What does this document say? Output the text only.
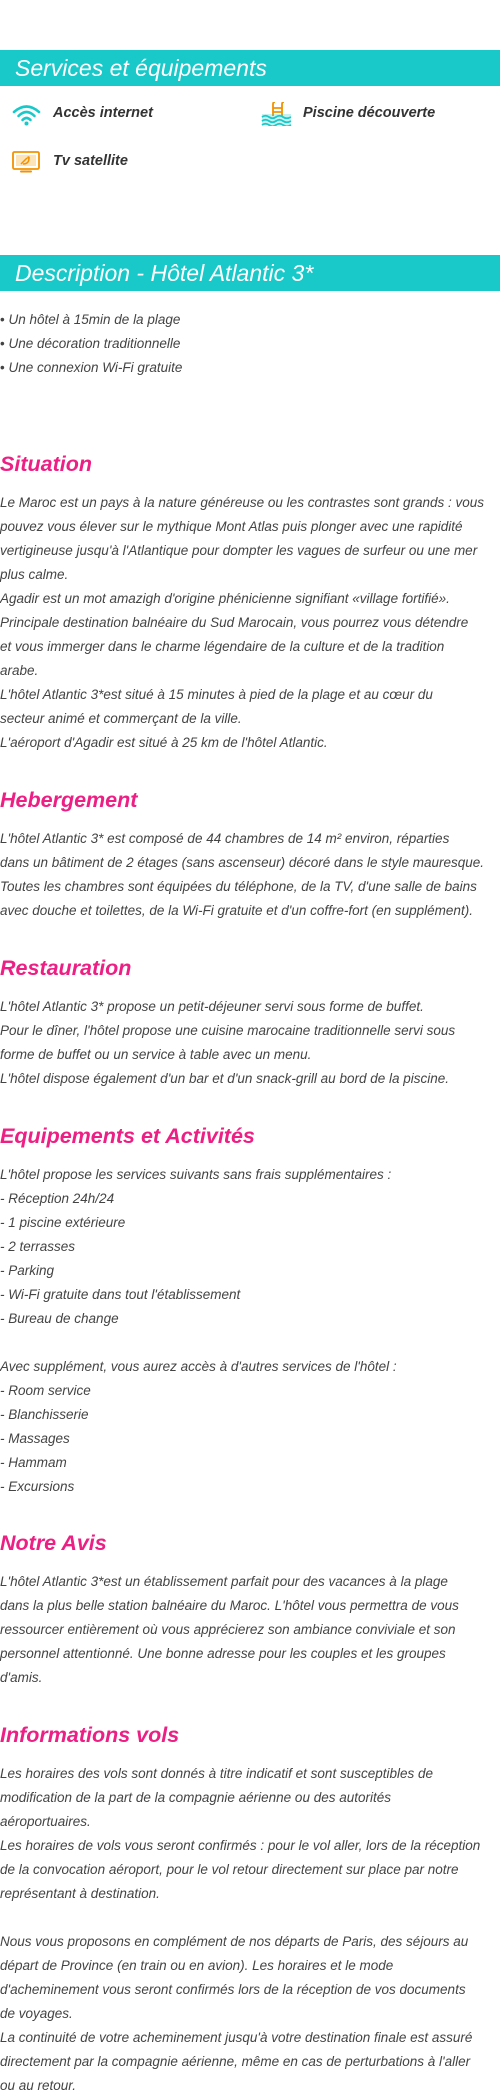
Services et équipements
Accès internet	Piscine découverte
Tv satellite
Description - Hôtel Atlantic 3*
• Un hôtel à 15min de la plage
• Une décoration traditionnelle
• Une connexion Wi-Fi gratuite
Situation

Le Maroc est un pays à la nature généreuse ou les contrastes sont grands : vous
pouvez vous élever sur le mythique Mont Atlas puis plonger avec une rapidité
vertigineuse jusqu'à l'Atlantique pour dompter les vagues de surfeur ou une mer
plus calme.
Agadir est un mot amazigh d'origine phénicienne signifiant «village fortifié».
Principale destination balnéaire du Sud Marocain, vous pourrez vous détendre
et vous immerger dans le charme légendaire de la culture et de la tradition
arabe.
L'hôtel Atlantic 3*est situé à 15 minutes à pied de la plage et au cœur du
secteur animé et commerçant de la ville.
L'aéroport d'Agadir est situé à 25 km de l'hôtel Atlantic.

Hebergement

L'hôtel Atlantic 3* est composé de 44 chambres de 14 m² environ, réparties
dans un bâtiment de 2 étages (sans ascenseur) décoré dans le style mauresque.
Toutes les chambres sont équipées du téléphone, de la TV, d'une salle de bains
avec douche et toilettes, de la Wi-Fi gratuite et d'un coffre-fort (en supplément).

Restauration

L'hôtel Atlantic 3* propose un petit-déjeuner servi sous forme de buffet.
Pour le dîner, l'hôtel propose une cuisine marocaine traditionnelle servi sous
forme de buffet ou un service à table avec un menu.
L'hôtel dispose également d'un bar et d'un snack-grill au bord de la piscine.

Equipements et Activités

L'hôtel propose les services suivants sans frais supplémentaires :
- Réception 24h/24
- 1 piscine extérieure
- 2 terrasses
- Parking
- Wi-Fi gratuite dans tout l'établissement
- Bureau de change

Avec supplément, vous aurez accès à d'autres services de l'hôtel :
- Room service
- Blanchisserie
- Massages
- Hammam
- Excursions

Notre Avis

L'hôtel Atlantic 3*est un établissement parfait pour des vacances à la plage
dans la plus belle station balnéaire du Maroc. L'hôtel vous permettra de vous
ressourcer entièrement où vous apprécierez son ambiance conviviale et son
personnel attentionné. Une bonne adresse pour les couples et les groupes
d'amis.

Informations vols

Les horaires des vols sont donnés à titre indicatif et sont susceptibles de
modification de la part de la compagnie aérienne ou des autorités
aéroportuaires.
Les horaires de vols vous seront confirmés : pour le vol aller, lors de la réception
de la convocation aéroport, pour le vol retour directement sur place par notre
représentant à destination.

Nous vous proposons en complément de nos départs de Paris, des séjours au
départ de Province (en train ou en avion). Les horaires et le mode
d'acheminement vous seront confirmés lors de la réception de vos documents
de voyages.
La continuité de votre acheminement jusqu'à votre destination finale est assuré
directement par la compagnie aérienne, même en cas de perturbations à l'aller
ou au retour.
